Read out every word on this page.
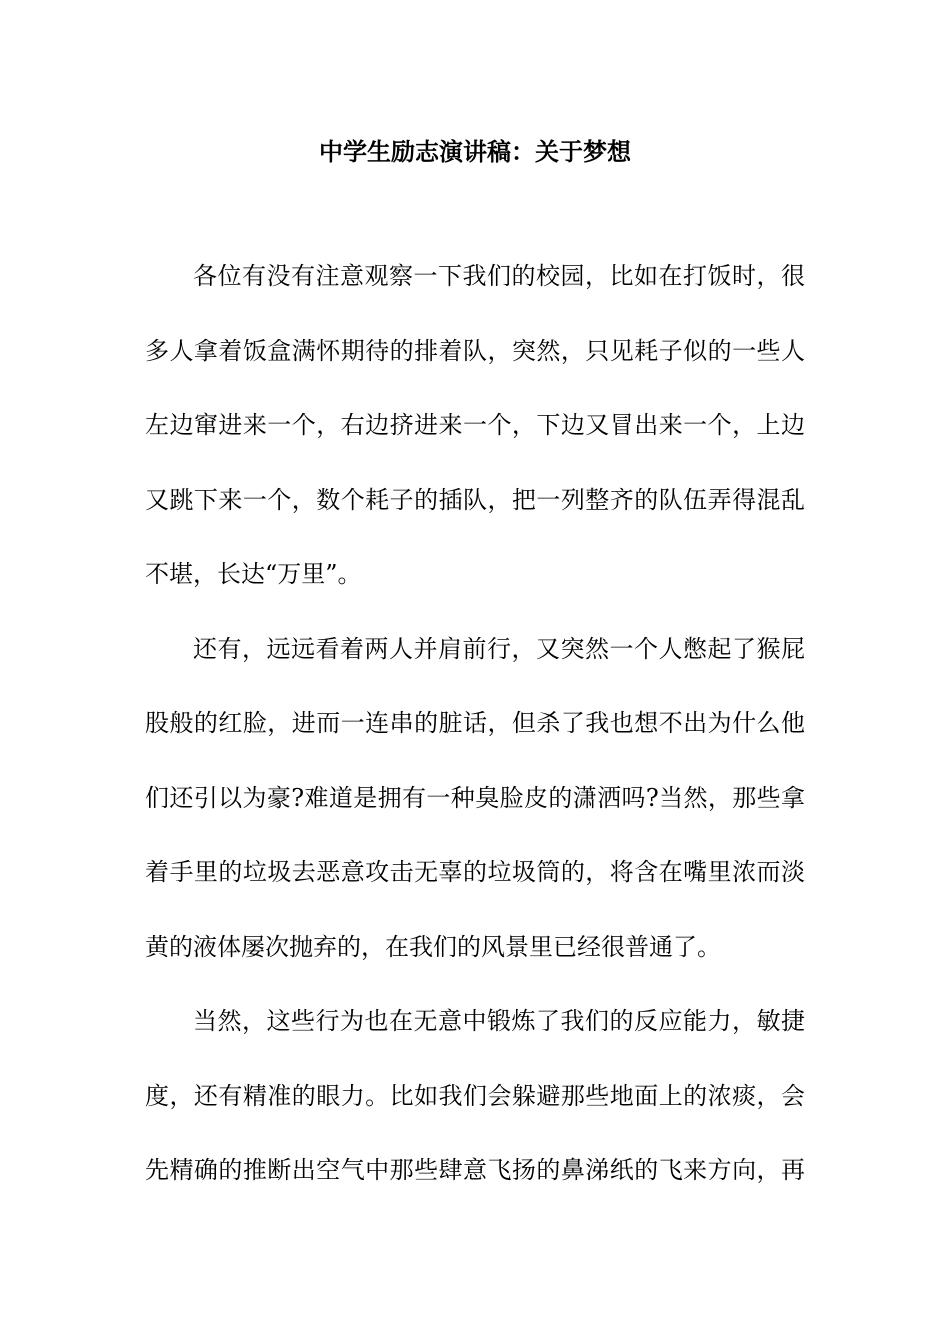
中学生励志演讲稿：关于梦想
各位有没有注意观察一下我们的校园，比如在打饭时，很
多人拿着饭盒满怀期待的排着队，突然，只见耗子似的一些人
左边窜进来一个，右边挤进来一个，下边又冒出来一个，上边
又跳下来一个，数个耗子的插队，把一列整齐的队伍弄得混乱
不堪，长达“万里”。
还有，远远看着两人并肩前行，又突然一个人憋起了猴屁
股般的红脸，进而一连串的脏话，但杀了我也想不出为什么他
们还引以为豪?难道是拥有一种臭脸皮的潇洒吗?当然，那些拿
着手里的垃圾去恶意攻击无辜的垃圾筒的，将含在嘴里浓而淡
黄的液体屡次抛弃的，在我们的风景里已经很普通了。
当然，这些行为也在无意中锻炼了我们的反应能力，敏捷
度，还有精准的眼力。比如我们会躲避那些地面上的浓痰，会
先精确的推断出空气中那些肆意飞扬的鼻涕纸的飞来方向，再
